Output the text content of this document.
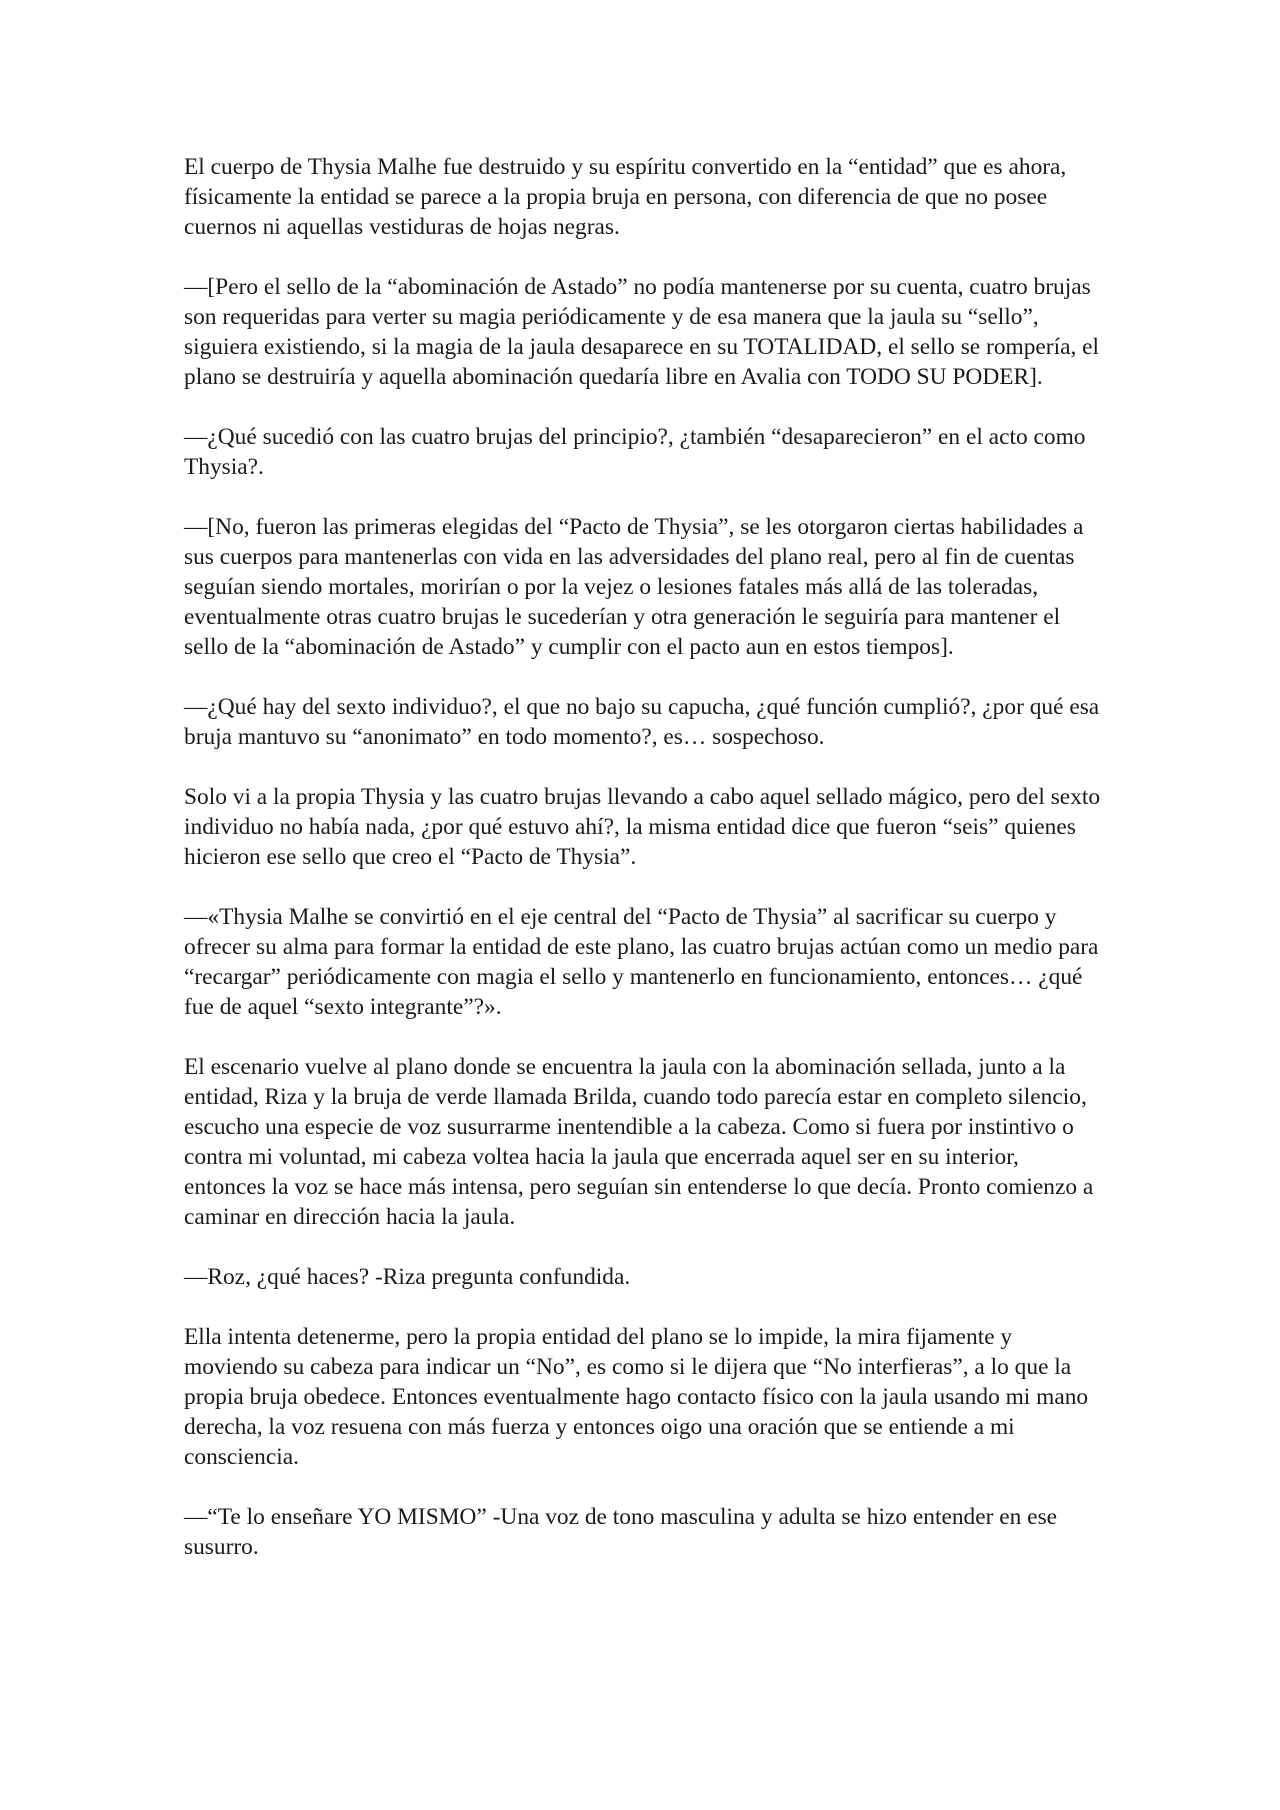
El cuerpo de Thysia Malhe fue destruido y su espíritu convertido en la “entidad” que es ahora, físicamente la entidad se parece a la propia bruja en persona, con diferencia de que no posee cuernos ni aquellas vestiduras de hojas negras.

—[Pero el sello de la “abominación de Astado” no podía mantenerse por su cuenta, cuatro brujas son requeridas para verter su magia periódicamente y de esa manera que la jaula su “sello”, siguiera existiendo, si la magia de la jaula desaparece en su TOTALIDAD, el sello se rompería, el plano se destruiría y aquella abominación quedaría libre en Avalia con TODO SU PODER].

—¿Qué sucedió con las cuatro brujas del principio?, ¿también “desaparecieron” en el acto como Thysia?.

—[No, fueron las primeras elegidas del “Pacto de Thysia”, se les otorgaron ciertas habilidades a sus cuerpos para mantenerlas con vida en las adversidades del plano real, pero al fin de cuentas seguían siendo mortales, morirían o por la vejez o lesiones fatales más allá de las toleradas, eventualmente otras cuatro brujas le sucederían y otra generación le seguiría para mantener el sello de la “abominación de Astado” y cumplir con el pacto aun en estos tiempos].

—¿Qué hay del sexto individuo?, el que no bajo su capucha, ¿qué función cumplió?, ¿por qué esa bruja mantuvo su “anonimato” en todo momento?, es… sospechoso.

Solo vi a la propia Thysia y las cuatro brujas llevando a cabo aquel sellado mágico, pero del sexto individuo no había nada, ¿por qué estuvo ahí?, la misma entidad dice que fueron “seis” quienes hicieron ese sello que creo el “Pacto de Thysia”.

—«Thysia Malhe se convirtió en el eje central del “Pacto de Thysia” al sacrificar su cuerpo y ofrecer su alma para formar la entidad de este plano, las cuatro brujas actúan como un medio para “recargar” periódicamente con magia el sello y mantenerlo en funcionamiento, entonces… ¿qué fue de aquel “sexto integrante”?».

El escenario vuelve al plano donde se encuentra la jaula con la abominación sellada, junto a la entidad, Riza y la bruja de verde llamada Brilda, cuando todo parecía estar en completo silencio, escucho una especie de voz susurrarme inentendible a la cabeza. Como si fuera por instintivo o contra mi voluntad, mi cabeza voltea hacia la jaula que encerrada aquel ser en su interior, entonces la voz se hace más intensa, pero seguían sin entenderse lo que decía. Pronto comienzo a caminar en dirección hacia la jaula.

—Roz, ¿qué haces? -Riza pregunta confundida.

Ella intenta detenerme, pero la propia entidad del plano se lo impide, la mira fijamente y moviendo su cabeza para indicar un “No”, es como si le dijera que “No interfieras”, a lo que la propia bruja obedece. Entonces eventualmente hago contacto físico con la jaula usando mi mano derecha, la voz resuena con más fuerza y entonces oigo una oración que se entiende a mi consciencia.

—“Te lo enseñare YO MISMO” -Una voz de tono masculina y adulta se hizo entender en ese susurro.
